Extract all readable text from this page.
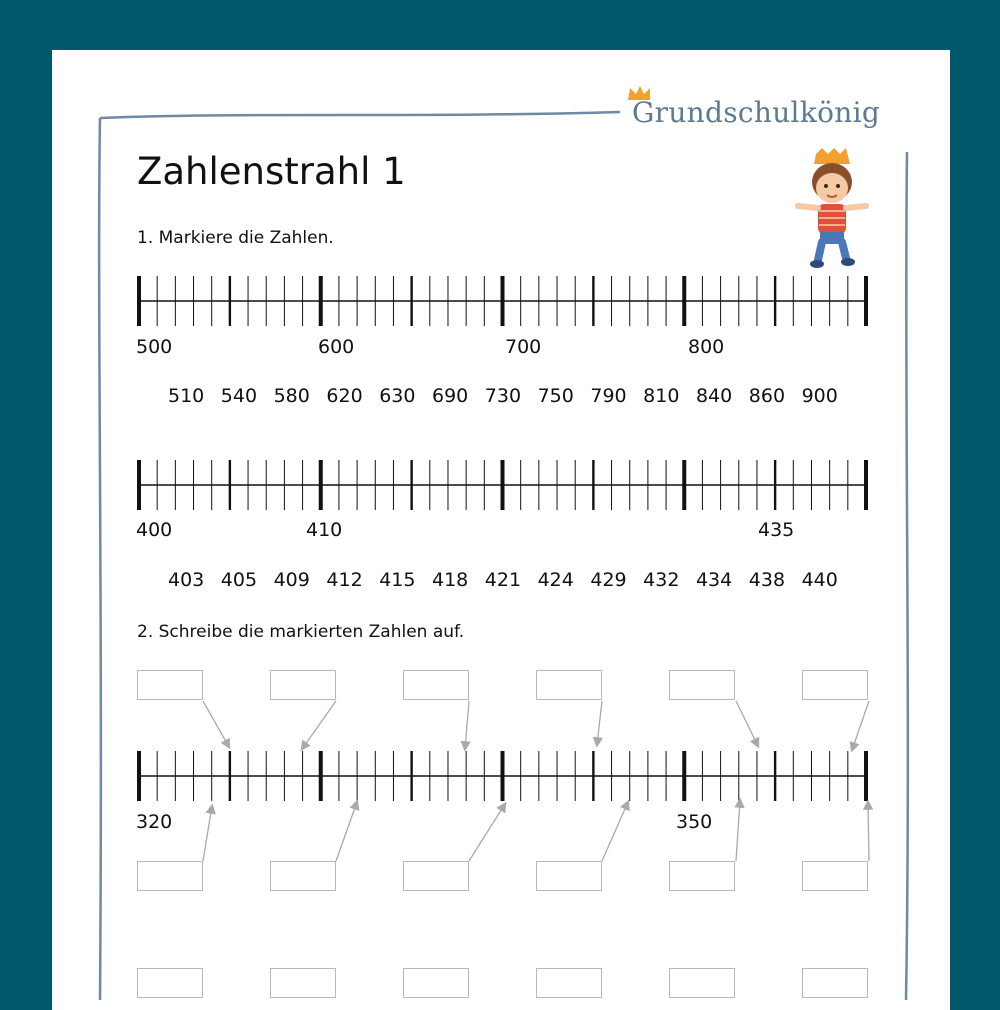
Grundschulkönig
Zahlenstrahl 1
1. Markiere die Zahlen.
2. Schreibe die markierten Zahlen auf.
500	600	700	800
510 540 580 620 630 690 730 750 790 810 840 860 900
400	410	435
403 405 409 412 415 418 421 424 429 432 434 438 440
320	350
